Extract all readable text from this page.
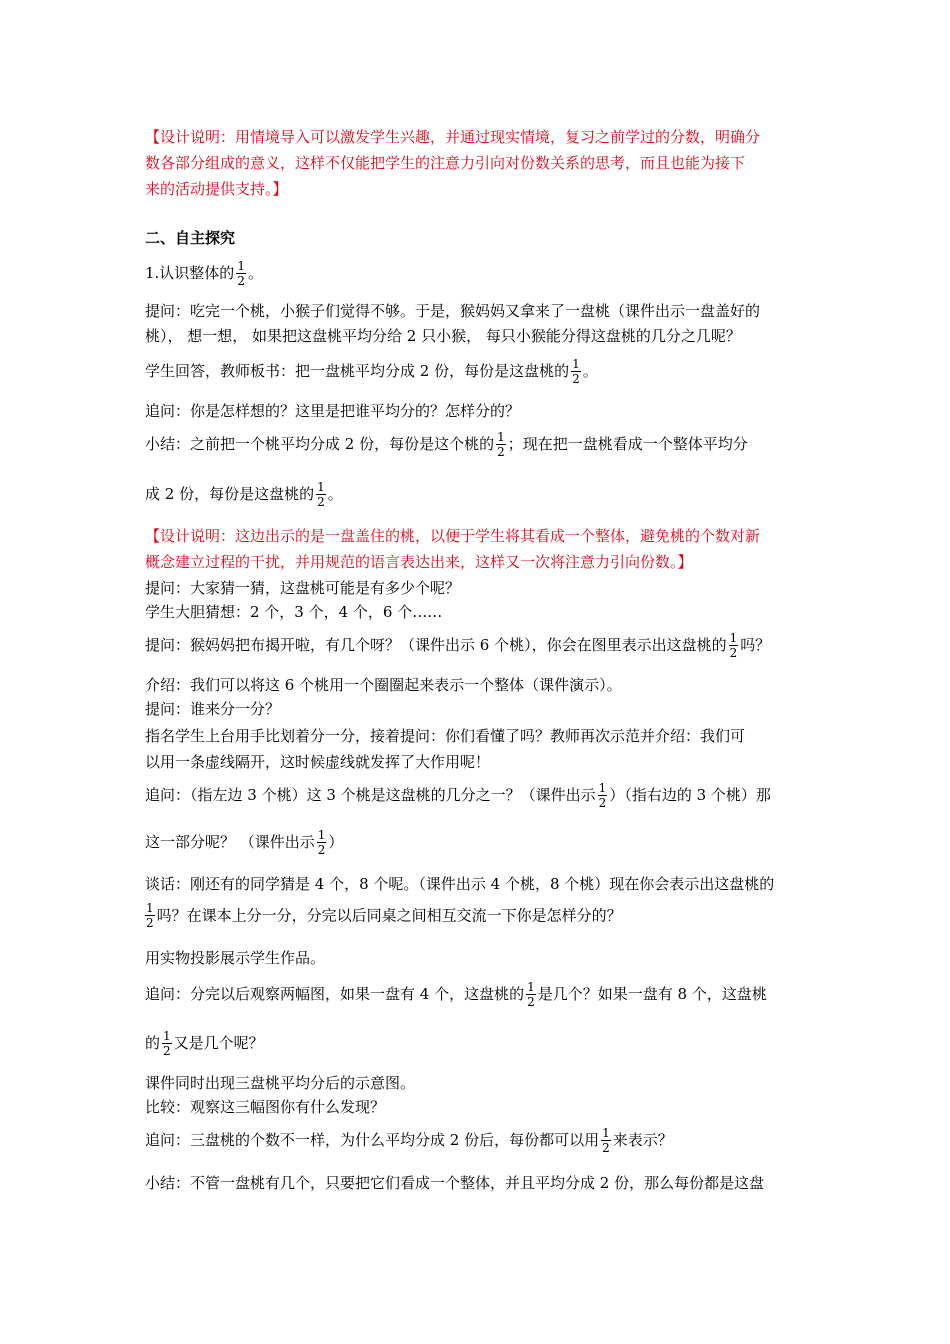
【设计说明：用情境导入可以激发学生兴趣，并通过现实情境，复习之前学过的分数，明确分
数各部分组成的意义，这样不仅能把学生的注意力引向对份数关系的思考，而且也能为接下
来的活动提供支持。】
二、自主探究
1.认识整体的 $\frac{1}{2}$ 。
提问：吃完一个桃，小猴子们觉得不够。于是，猴妈妈又拿来了一盘桃（课件出示一盘盖好的
桃）， 想一想， 如果把这盘桃平均分给 2 只小猴， 每只小猴能分得这盘桃的几分之几呢？
学生回答，教师板书：把一盘桃平均分成 2 份，每份是这盘桃的 $\frac{1}{2}$ 。
追问：你是怎样想的？这里是把谁平均分的？怎样分的？
小结：之前把一个桃平均分成 2 份，每份是这个桃的 $\frac{1}{2}$ ；现在把一盘桃看成一个整体平均分
成 2 份，每份是这盘桃的 $\frac{1}{2}$ 。
【设计说明：这边出示的是一盘盖住的桃，以便于学生将其看成一个整体，避免桃的个数对新
概念建立过程的干扰，并用规范的语言表达出来，这样又一次将注意力引向份数。】
提问：大家猜一猜，这盘桃可能是有多少个呢？
学生大胆猜想：2 个，3 个，4 个，6 个……
提问：猴妈妈把布揭开啦，有几个呀？（课件出示 6 个桃），你会在图里表示出这盘桃的 $\frac{1}{2}$ 吗？
介绍：我们可以将这 6 个桃用一个圈圈起来表示一个整体（课件演示）。
提问：谁来分一分？
指名学生上台用手比划着分一分，接着提问：你们看懂了吗？教师再次示范并介绍：我们可
以用一条虚线隔开，这时候虚线就发挥了大作用呢！
追问：（指左边 3 个桃）这 3 个桃是这盘桃的几分之一？（课件出示 $\frac{1}{2}$ ）（指右边的 3 个桃）那
这一部分呢？ （课件出示 $\frac{1}{2}$ ）
谈话：刚还有的同学猜是 4 个，8 个呢。（课件出示 4 个桃，8 个桃）现在你会表示出这盘桃的
$\frac{1}{2}$ 吗？在课本上分一分，分完以后同桌之间相互交流一下你是怎样分的？
用实物投影展示学生作品。
追问：分完以后观察两幅图，如果一盘有 4 个，这盘桃的 $\frac{1}{2}$ 是几个？如果一盘有 8 个，这盘桃
的 $\frac{1}{2}$ 又是几个呢？
课件同时出现三盘桃平均分后的示意图。
比较：观察这三幅图你有什么发现？
追问：三盘桃的个数不一样，为什么平均分成 2 份后，每份都可以用 $\frac{1}{2}$ 来表示？
小结：不管一盘桃有几个，只要把它们看成一个整体，并且平均分成 2 份，那么每份都是这盘
